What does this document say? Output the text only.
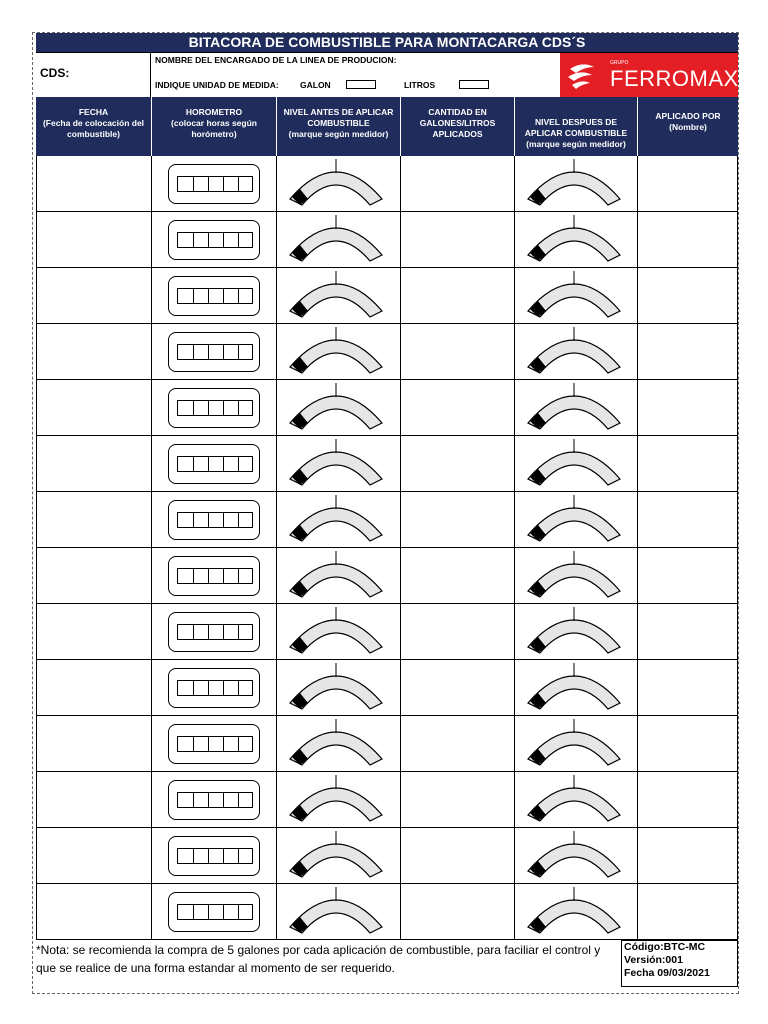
BITACORA DE COMBUSTIBLE PARA MONTACARGA CDS´S
CDS:
NOMBRE DEL ENCARGADO DE LA LINEA DE PRODUCION:
INDIQUE UNIDAD DE MEDIDA:	GALON	LITROS
GRUPO
FERROMAX
FECHA
(Fecha de colocación del
combustible)
HOROMETRO
(colocar horas según
horómetro)
NIVEL ANTES DE APLICAR
COMBUSTIBLE
(marque según medidor)
CANTIDAD EN
GALONES/LITROS
APLICADOS
NIVEL DESPUES DE
APLICAR COMBUSTIBLE
(marque según medidor)
APLICADO POR
(Nombre)
*Nota: se recomienda la compra de 5 galones por cada aplicación de combustible, para faciliar el control y que se realice de una forma estandar al momento de ser requerido.
Código:BTC-MC
Versión:001
Fecha 09/03/2021
